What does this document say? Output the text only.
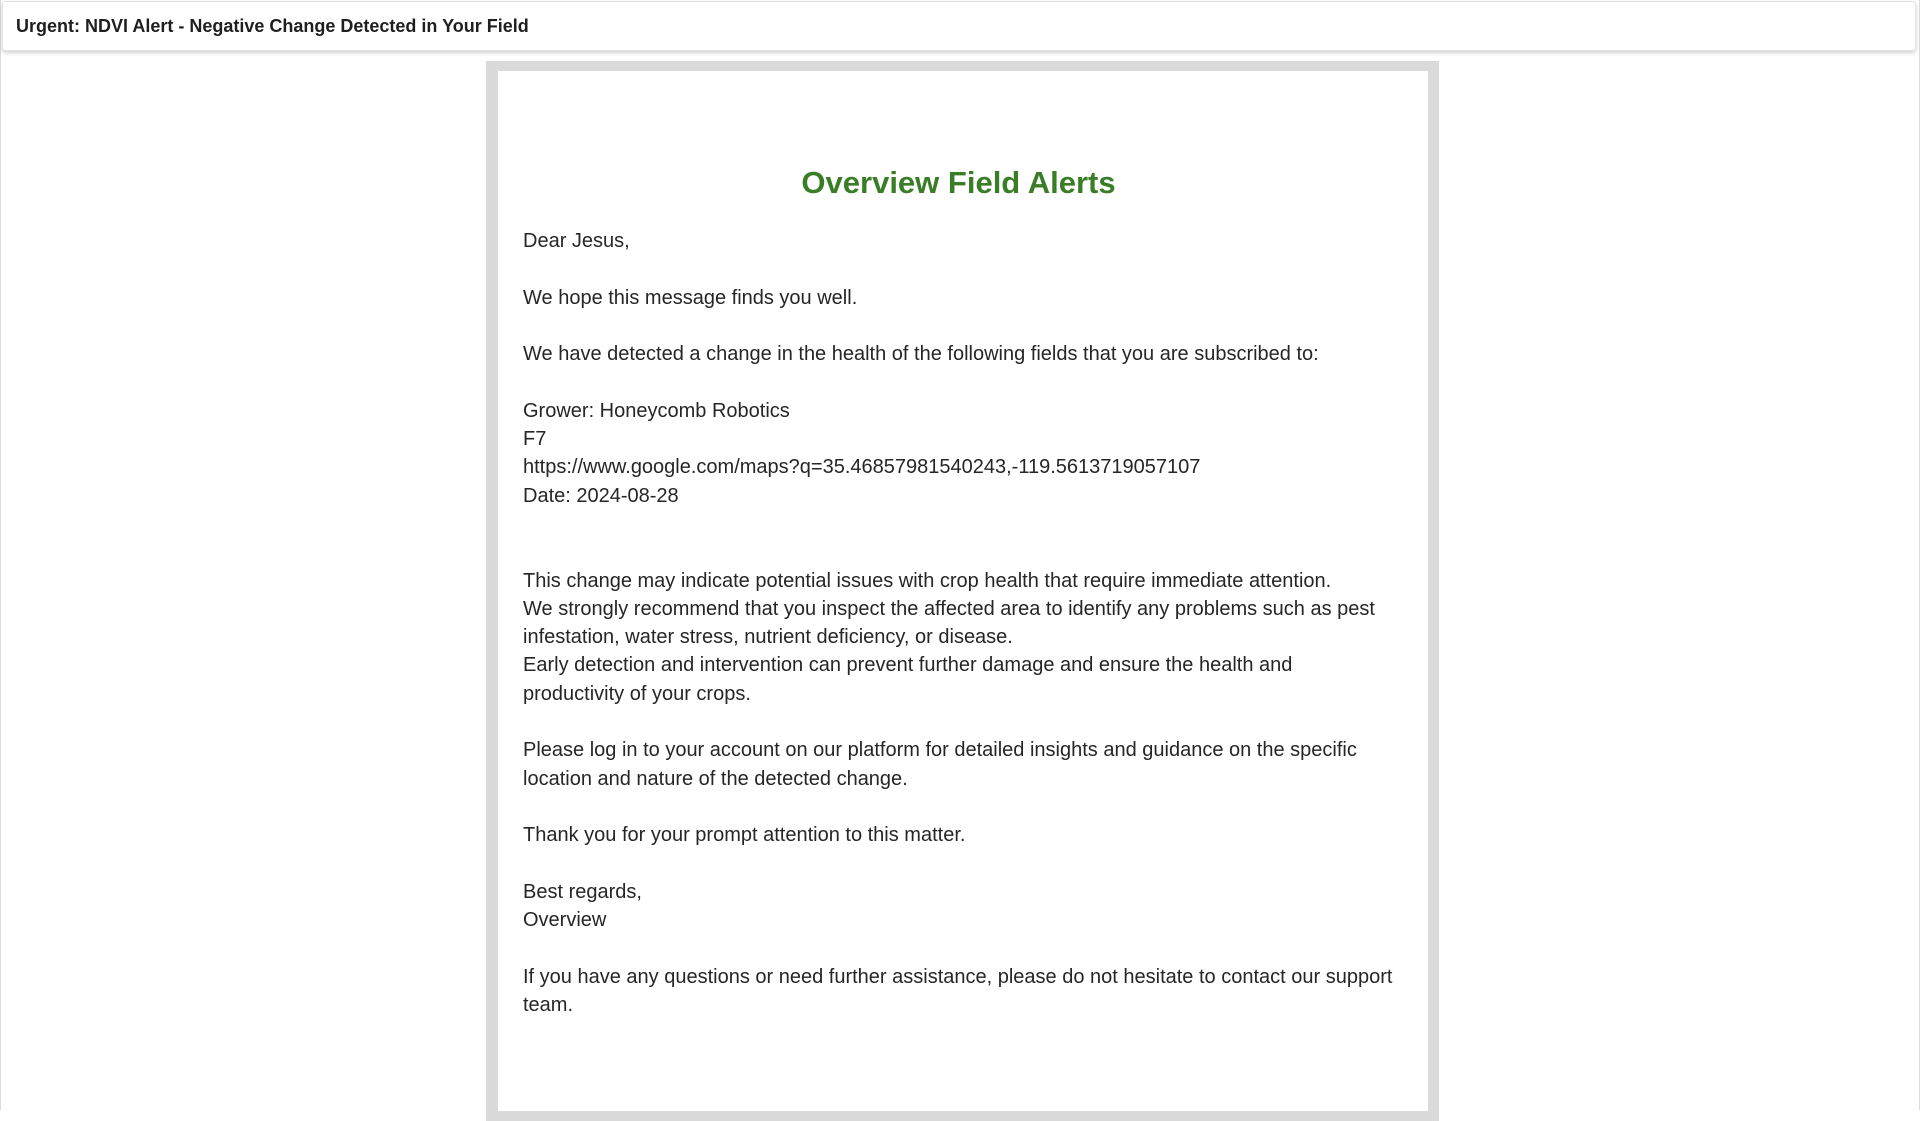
Urgent: NDVI Alert - Negative Change Detected in Your Field
Overview Field Alerts

Dear Jesus,

We hope this message finds you well.

We have detected a change in the health of the following fields that you are subscribed to:

Grower: Honeycomb Robotics

F7

https://www.google.com/maps?q=35.46857981540243,-119.5613719057107

Date: 2024-08-28

This change may indicate potential issues with crop health that require immediate attention.

We strongly recommend that you inspect the affected area to identify any problems such as pest infestation, water stress, nutrient deficiency, or disease.

Early detection and intervention can prevent further damage and ensure the health and productivity of your crops.

Please log in to your account on our platform for detailed insights and guidance on the specific location and nature of the detected change.

Thank you for your prompt attention to this matter.

Best regards,

Overview

If you have any questions or need further assistance, please do not hesitate to contact our support team.
